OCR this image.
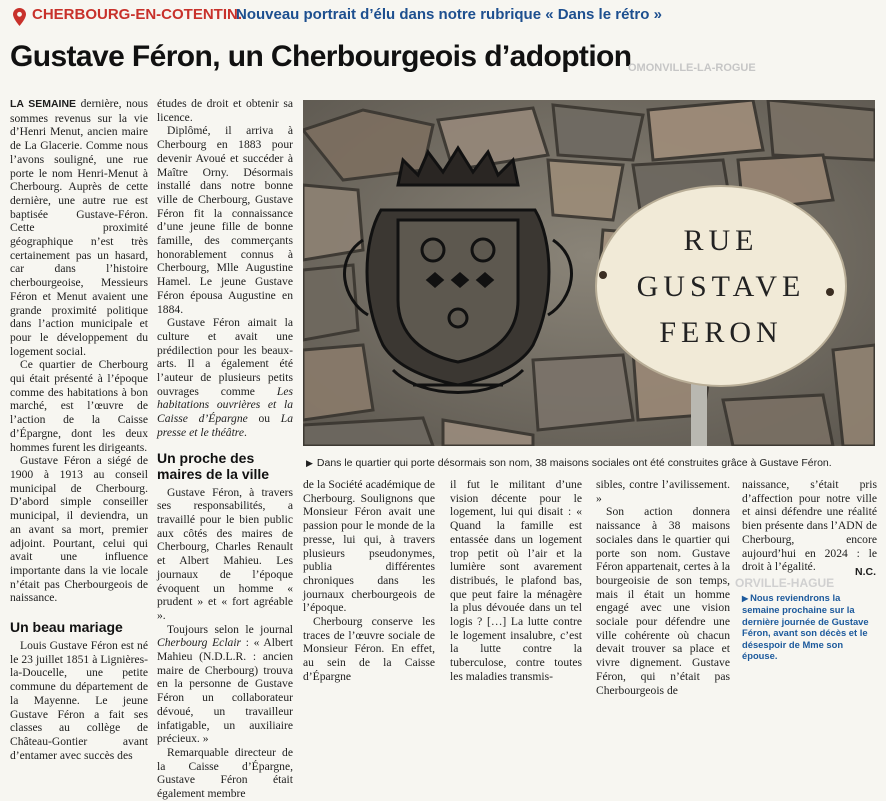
CHERBOURG-EN-COTENTIN.
Nouveau portrait d’élu dans notre rubrique « Dans le rétro »
Gustave Féron, un Cherbourgeois d’adoption
OMONVILLE-LA-ROGUE

LA SEMAINE dernière, nous sommes revenus sur la vie d’Henri Menut, ancien maire de La Glacerie. Comme nous l’avons souligné, une rue porte le nom Henri-Menut à Cherbourg. Auprès de cette dernière, une autre rue est baptisée Gustave-Féron. Cette proximité géographique n’est très certainement pas un hasard, car dans l’histoire cherbourgeoise, Messieurs Féron et Menut avaient une grande proximité politique dans l’action municipale et pour le développement du logement social.

Ce quartier de Cherbourg qui était présenté à l’époque comme des habitations à bon marché, est l’œuvre de l’action de la Caisse d’Épargne, dont les deux hommes furent les dirigeants.

Gustave Féron a siégé de 1900 à 1913 au conseil municipal de Cherbourg. D’abord simple conseiller municipal, il deviendra, un an avant sa mort, premier adjoint. Pourtant, celui qui avait une influence importante dans la vie locale n’était pas Cherbourgeois de naissance.

Un beau mariage

Louis Gustave Féron est né le 23 juillet 1851 à Lignières-la-Doucelle, une petite commune du département de la Mayenne. Le jeune Gustave Féron a fait ses classes au collège de Château-Gontier avant d’entamer avec succès des

études de droit et obtenir sa licence.

Diplômé, il arriva à Cherbourg en 1883 pour devenir Avoué et succéder à Maître Orny. Désormais installé dans notre bonne ville de Cherbourg, Gustave Féron fit la connaissance d’une jeune fille de bonne famille, des commerçants honorablement connus à Cherbourg, Mlle Augustine Hamel. Le jeune Gustave Féron épousa Augustine en 1884.

Gustave Féron aimait la culture et avait une prédilection pour les beaux-arts. Il a également été l’auteur de plusieurs petits ouvrages comme Les habitations ouvrières et la Caisse d’Épargne ou La presse et le théâtre.

Un proche des maires de la ville

Gustave Féron, à travers ses responsabilités, a travaillé pour le bien public aux côtés des maires de Cherbourg, Charles Renault et Albert Mahieu. Les journaux de l’époque évoquent un homme « prudent » et « fort agréable ».

Toujours selon le journal Cherbourg Eclair : « Albert Mahieu (N.D.L.R. : ancien maire de Cherbourg) trouva en la personne de Gustave Féron un collaborateur dévoué, un travailleur infatigable, un auxiliaire précieux. »

Remarquable directeur de la Caisse d’Épargne, Gustave Féron était également membre

RUE
GUSTAVE
FERON
▶ Dans le quartier qui porte désormais son nom, 38 maisons sociales ont été construites grâce à Gustave Féron.

de la Société académique de Cherbourg. Soulignons que Monsieur Féron avait une passion pour le monde de la presse, lui qui, à travers plusieurs pseudonymes, publia différentes chroniques dans les journaux cherbourgeois de l’époque.

Cherbourg conserve les traces de l’œuvre sociale de Monsieur Féron. En effet, au sein de la Caisse d’Épargne

il fut le militant d’une vision décente pour le logement, lui qui disait : « Quand la famille est entassée dans un logement trop petit où l’air et la lumière sont avarement distribués, le plafond bas, que peut faire la ménagère la plus dévouée dans un tel logis ? […] La lutte contre le logement insalubre, c’est la lutte contre la tuberculose, contre toutes les maladies transmis-

sibles, contre l’avilissement. »

Son action donnera naissance à 38 maisons sociales dans le quartier qui porte son nom. Gustave Féron appartenait, certes à la bourgeoisie de son temps, mais il était un homme engagé avec une vision sociale pour défendre une ville cohérente où chacun devait trouver sa place et vivre dignement. Gustave Féron, qui n’était pas Cherbourgeois de

naissance, s’était pris d’affection pour notre ville et ainsi défendre une réalité bien présente dans l’ADN de Cherbourg, encore aujourd’hui en 2024 : le droit à l’égalité.

ORVILLE-HAGUE
N.C.
▶ Nous reviendrons la semaine prochaine sur la dernière journée de Gustave Féron, avant son décès et le désespoir de Mme son épouse.
